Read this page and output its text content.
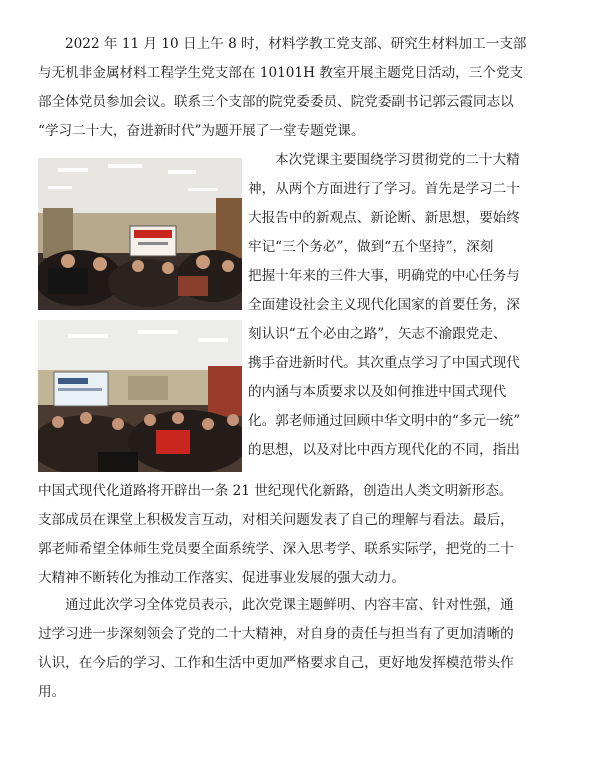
2022 年 11 月 10 日上午 8 时，材料学教工党支部、研究生材料加工一支部
与无机非金属材料工程学生党支部在 10101H 教室开展主题党日活动，三个党支
部全体党员参加会议。联系三个支部的院党委委员、院党委副书记郭云霞同志以
“学习二十大，奋进新时代”为题开展了一堂专题党课。
本次党课主要围绕学习贯彻党的二十大精
神，从两个方面进行了学习。首先是学习二十
大报告中的新观点、新论断、新思想，要始终
牢记“三个务必”，做到“五个坚持”，深刻
把握十年来的三件大事，明确党的中心任务与
全面建设社会主义现代化国家的首要任务，深
刻认识“五个必由之路”，矢志不渝跟党走、
携手奋进新时代。其次重点学习了中国式现代
的内涵与本质要求以及如何推进中国式现代
化。郭老师通过回顾中华文明中的“多元一统”
的思想，以及对比中西方现代化的不同，指出
中国式现代化道路将开辟出一条 21 世纪现代化新路，创造出人类文明新形态。
支部成员在课堂上积极发言互动，对相关问题发表了自己的理解与看法。最后，
郭老师希望全体师生党员要全面系统学、深入思考学、联系实际学，把党的二十
大精神不断转化为推动工作落实、促进事业发展的强大动力。
通过此次学习全体党员表示，此次党课主题鲜明、内容丰富、针对性强，通
过学习进一步深刻领会了党的二十大精神，对自身的责任与担当有了更加清晰的
认识，在今后的学习、工作和生活中更加严格要求自己，更好地发挥模范带头作
用。
